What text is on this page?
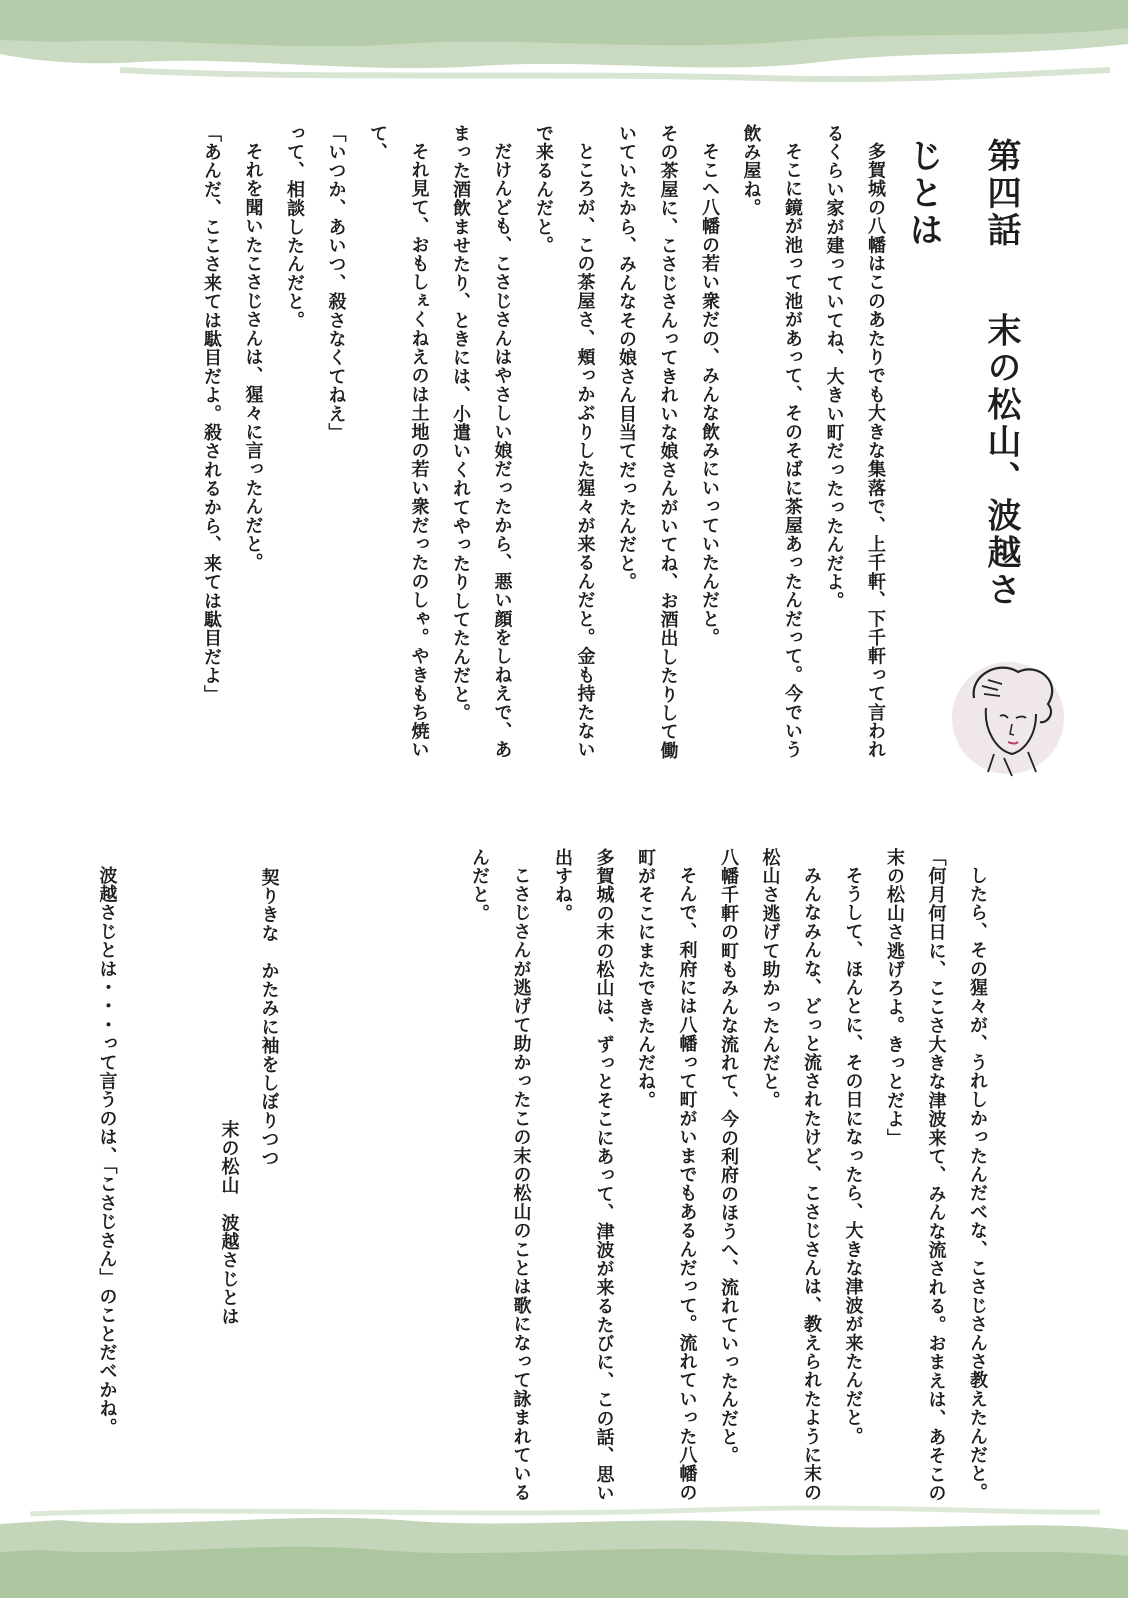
第四話  末の松山、波越さじとは

多賀城の八幡はこのあたりでも大きな集落で、上千軒、下千軒って言われるくらい家が建っていてね、大きい町だったったんだよ。

そこに鏡が池って池があって、そのそばに茶屋あったんだって。今でいう飲み屋ね。

そこへ八幡の若い衆だの、みんな飲みにいっていたんだと。

その茶屋に、こさじさんってきれいな娘さんがいてね、お酒出したりして働いていたから、みんなその娘さん目当てだったんだと。

ところが、この茶屋さ、頬っかぶりした猩々が来るんだと。金も持たないで来るんだと。

だけんども、こさじさんはやさしい娘だったから、悪い顔をしねえで、あまった酒飲ませたり、ときには、小遣いくれてやったりしてたんだと。

それ見て、おもしぇくねえのは土地の若い衆だったのしゃ。やきもち焼いて、

「いつか、あいつ、殺さなくてねえ」

って、相談したんだと。

それを聞いたこさじさんは、猩々に言ったんだと。

「あんだ、ここさ来ては駄目だよ。殺されるから、来ては駄目だよ」

したら、その猩々が、うれしかったんだべな、こさじさんさ教えたんだと。

「何月何日に、ここさ大きな津波来て、みんな流される。おまえは、あそこの末の松山さ逃げろよ。きっとだよ」

そうして、ほんとに、その日になったら、大きな津波が来たんだと。

みんなみんな、どっと流されたけど、こさじさんは、教えられたように末の松山さ逃げて助かったんだと。

八幡千軒の町もみんな流れて、今の利府のほうへ、流れていったんだと。

そんで、利府には八幡って町がいまでもあるんだって。流れていった八幡の町がそこにまたできたんだね。

多賀城の末の松山は、ずっとそこにあって、津波が来るたびに、この話、思い出すね。

こさじさんが逃げて助かったこの末の松山のことは歌になって詠まれているんだと。

契りきな　かたみに袖をしぼりつつ
末の松山　波越さじとは

波越さじとは・・・って言うのは、「こさじさん」のことだべかね。
